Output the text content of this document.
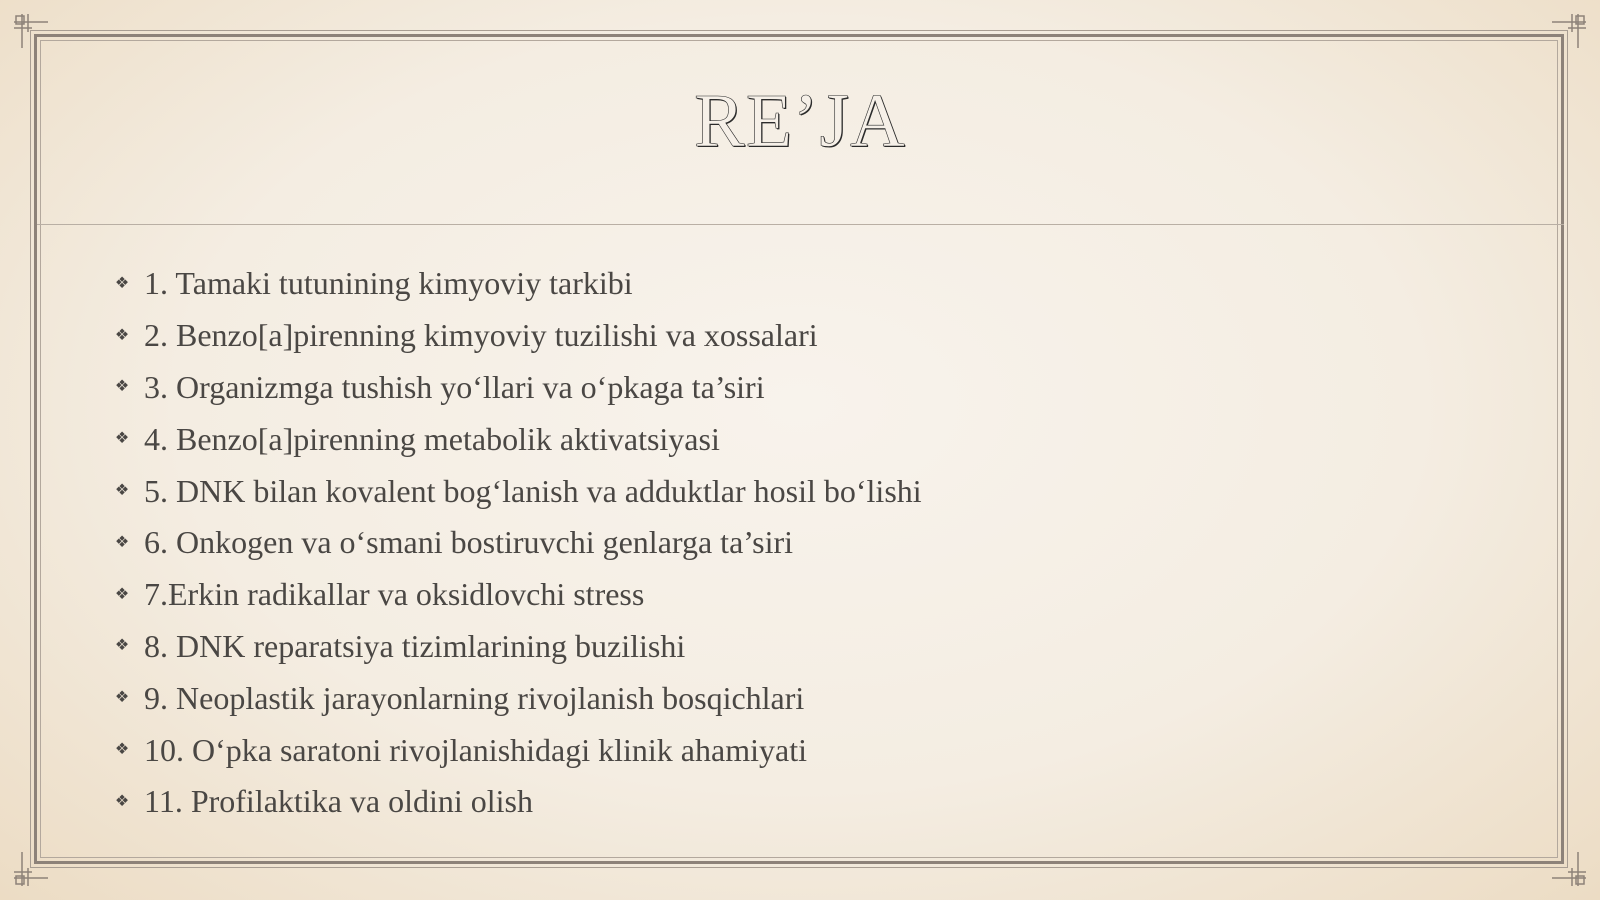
RE’JA
❖ 1. Tamaki tutunining kimyoviy tarkibi
❖ 2. Benzo[a]pirenning kimyoviy tuzilishi va xossalari
❖ 3. Organizmga tushish yo‘llari va o‘pkaga ta’siri
❖ 4. Benzo[a]pirenning metabolik aktivatsiyasi
❖ 5. DNK bilan kovalent bog‘lanish va adduktlar hosil bo‘lishi
❖ 6. Onkogen va o‘smani bostiruvchi genlarga ta’siri
❖ 7.Erkin radikallar va oksidlovchi stress
❖ 8. DNK reparatsiya tizimlarining buzilishi
❖ 9. Neoplastik jarayonlarning rivojlanish bosqichlari
❖ 10. O‘pka saratoni rivojlanishidagi klinik ahamiyati
❖ 11. Profilaktika va oldini olish
